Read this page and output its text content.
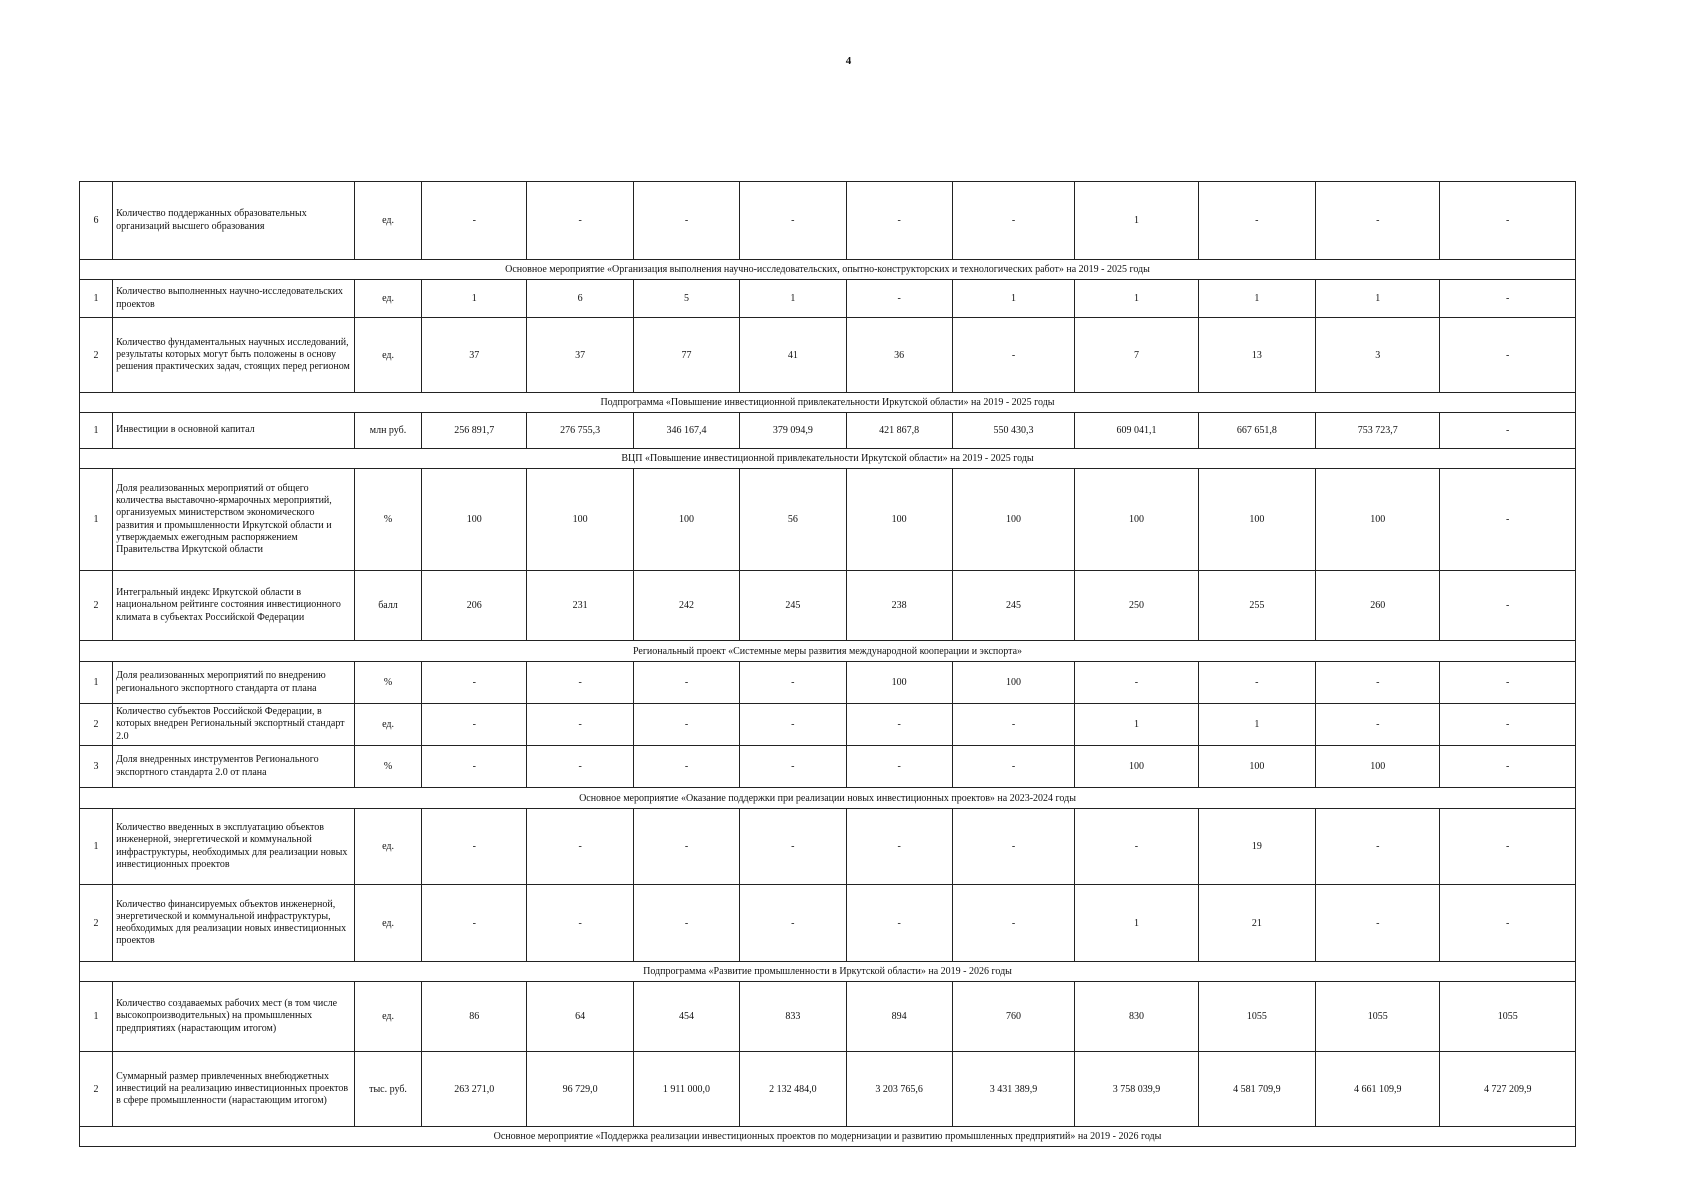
4
6	Количество поддержанных образовательных организаций высшего образования	ед.	-	-	-	-	-	-	1	-	-	-
Основное мероприятие «Организация выполнения научно-исследовательских, опытно-конструкторских и технологических работ» на 2019 - 2025 годы												
1	Количество выполненных научно-исследовательских проектов	ед.	1	6	5	1	-	1	1	1	1	-
2	Количество фундаментальных научных исследований, результаты которых могут быть положены в основу решения практических задач, стоящих перед регионом	ед.	37	37	77	41	36	-	7	13	3	-
Подпрограмма «Повышение инвестиционной привлекательности Иркутской области» на 2019 - 2025 годы												
1	Инвестиции в основной капитал	млн руб.	256 891,7	276 755,3	346 167,4	379 094,9	421 867,8	550 430,3	609 041,1	667 651,8	753 723,7	-
ВЦП «Повышение инвестиционной привлекательности Иркутской области» на 2019 - 2025 годы												
1	Доля реализованных мероприятий от общего количества выставочно-ярмарочных мероприятий, организуемых министерством экономического развития и промышленности Иркутской области и утверждаемых ежегодным распоряжением Правительства Иркутской области	%	100	100	100	56	100	100	100	100	100	-
2	Интегральный индекс Иркутской области в национальном рейтинге состояния инвестиционного климата в субъектах Российской Федерации	балл	206	231	242	245	238	245	250	255	260	-
Региональный проект «Системные меры развития международной кооперации и экспорта»												
1	Доля реализованных мероприятий по внедрению регионального экспортного стандарта от плана	%	-	-	-	-	100	100	-	-	-	-
2	Количество субъектов Российской Федерации, в которых внедрен Региональный экспортный стандарт 2.0	ед.	-	-	-	-	-	-	1	1	-	-
3	Доля внедренных инструментов Регионального экспортного стандарта 2.0 от плана	%	-	-	-	-	-	-	100	100	100	-
Основное мероприятие «Оказание поддержки при реализации новых инвестиционных проектов» на 2023-2024 годы												
1	Количество введенных в эксплуатацию объектов инженерной, энергетической и коммунальной инфраструктуры, необходимых для реализации новых инвестиционных проектов	ед.	-	-	-	-	-	-	-	19	-	-
2	Количество финансируемых объектов инженерной, энергетической и коммунальной инфраструктуры, необходимых для реализации новых инвестиционных проектов	ед.	-	-	-	-	-	-	1	21	-	-
Подпрограмма «Развитие промышленности в Иркутской области» на 2019 - 2026 годы												
1	Количество создаваемых рабочих мест (в том числе высокопроизводительных) на промышленных предприятиях (нарастающим итогом)	ед.	86	64	454	833	894	760	830	1055	1055	1055
2	Суммарный размер привлеченных внебюджетных инвестиций на реализацию инвестиционных проектов в сфере промышленности (нарастающим итогом)	тыс. руб.	263 271,0	96 729,0	1 911 000,0	2 132 484,0	3 203 765,6	3 431 389,9	3 758 039,9	4 581 709,9	4 661 109,9	4 727 209,9
Основное мероприятие «Поддержка реализации инвестиционных проектов по модернизации и развитию промышленных предприятий» на 2019 - 2026 годы												
